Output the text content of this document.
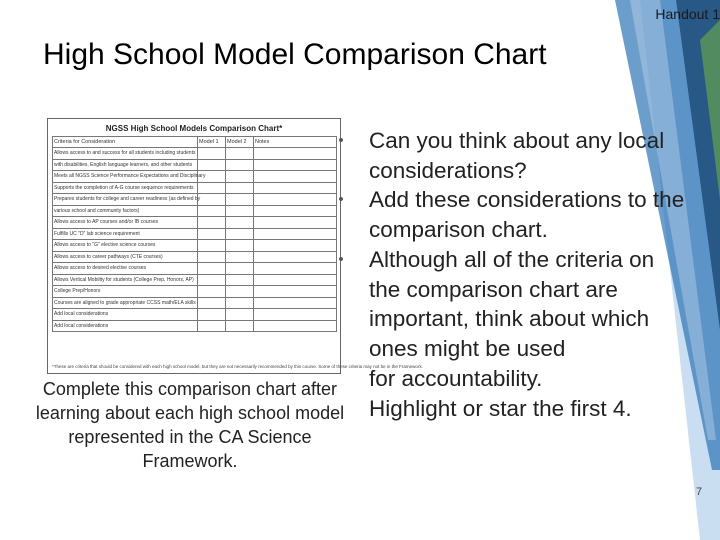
Handout 1
High School Model Comparison Chart
NGSS High School Models Comparison Chart*
Criteria for Consideration	Model 1	Model 2	Notes
Allows access to and success for all students including students			
with disabilities, English language learners, and other students			
Meets all NGSS Science Performance Expectations and Disciplinary			
Supports the completion of A-G course sequence requirements			
Prepares students for college and career readiness (as defined by			
various school and community factors)			
Allows access to AP courses and/or IB courses			
Fulfills UC "D" lab science requirement			
Allows access to "G" elective science courses			
Allows access to career pathways (CTE courses)			
Allows access to desired elective courses			
Allows Vertical Mobility for students (College Prep, Honors, AP)			
College Prep/Honors			
Courses are aligned to grade appropriate CCSS math/ELA skills			
Add local considerations			
Add local considerations			
*These are criteria that should be considered with each high school model, but they are not necessarily recommended by this course. Some of these criteria may not be in the Framework.
Complete this comparison chart after learning about each high school model represented in the CA Science Framework.
•	Can you think about any local considerations?
•	Add these considerations to the comparison chart.
•	Although all of the criteria on the comparison chart are important, think about which ones might be used
for accountability.
Highlight or star the first 4.
7
